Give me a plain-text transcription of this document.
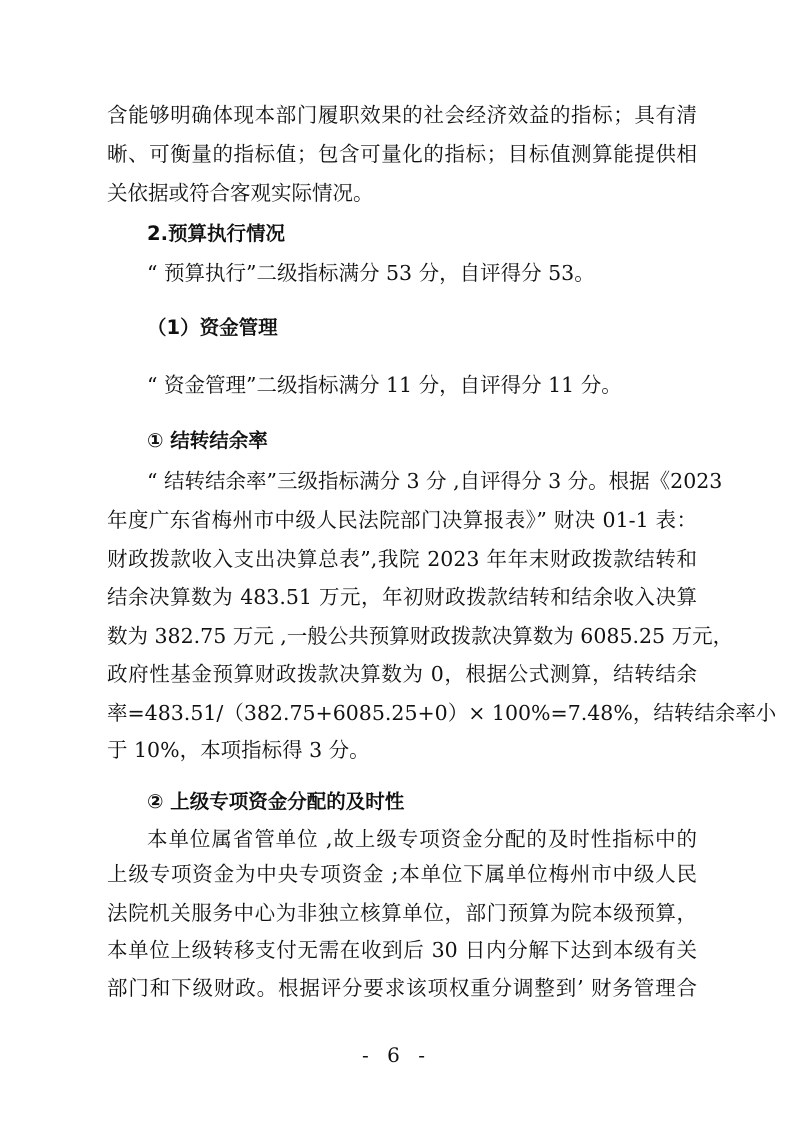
含能够明确体现本部门履职效果的社会经济效益的指标；具有清
晰、可衡量的指标值；包含可量化的指标；目标值测算能提供相
关依据或符合客观实际情况。
2.预算执行情况
“ 预算执行”二级指标满分 53 分，自评得分 53。
（1）资金管理
“ 资金管理”二级指标满分 11 分，自评得分 11 分。
① 结转结余率
“ 结转结余率”三级指标满分 3 分 ,自评得分 3 分。根据《2023
年度广东省梅州市中级人民法院部门决算报表》” 财决 01-1 表：
财政拨款收入支出决算总表”,我院 2023 年年末财政拨款结转和
结余决算数为 483.51 万元，年初财政拨款结转和结余收入决算
数为 382.75 万元 ,一般公共预算财政拨款决算数为 6085.25 万元，
政府性基金预算财政拨款决算数为 0，根据公式测算，结转结余
率=483.51/（382.75+6085.25+0）× 100%=7.48%，结转结余率小
于 10%，本项指标得 3 分。
② 上级专项资金分配的及时性
本单位属省管单位 ,故上级专项资金分配的及时性指标中的
上级专项资金为中央专项资金 ;本单位下属单位梅州市中级人民
法院机关服务中心为非独立核算单位，部门预算为院本级预算，
本单位上级转移支付无需在收到后 30 日内分解下达到本级有关
部门和下级财政。根据评分要求该项权重分调整到’ 财务管理合
- 6 -
